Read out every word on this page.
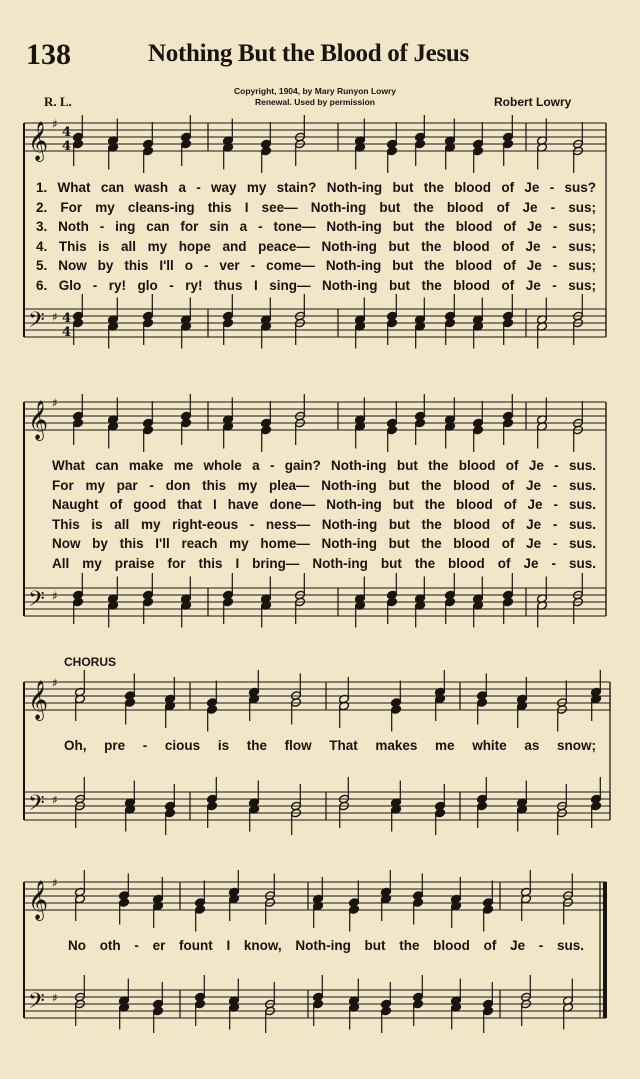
138	Nothing But the Blood of Jesus
R. L.
Copyright, 1904, by Mary Runyon Lowry
Renewal. Used by permission	Robert Lowry
𝄞 ♯
4
4
𝄢 ♯ 4
4
𝄞 ♯
𝄢 ♯
𝄞 ♯
𝄢 ♯
𝄞 ♯
𝄢 ♯
1. What can wash a - way my stain? Noth-ing but the blood of Je - sus?
2. For my cleans-ing this I see— Noth-ing but the blood of Je - sus;
3. Noth - ing can for sin a - tone— Noth-ing but the blood of Je - sus;
4. This is all my hope and peace— Noth-ing but the blood of Je - sus;
5. Now by this I'll o - ver - come— Noth-ing but the blood of Je - sus;
6. Glo - ry! glo - ry! thus I sing— Noth-ing but the blood of Je - sus;
What can make me whole a - gain? Noth-ing but the blood of Je - sus.
For my par - don this my plea— Noth-ing but the blood of Je - sus.
Naught of good that I have done— Noth-ing but the blood of Je - sus.
This is all my right-eous - ness— Noth-ing but the blood of Je - sus.
Now by this I'll reach my home— Noth-ing but the blood of Je - sus.
All my praise for this I bring— Noth-ing but the blood of Je - sus.
Oh, pre - cious is the flow That makes me white as snow;
No oth - er fount I know, Noth-ing but the blood of Je - sus.
CHORUS
